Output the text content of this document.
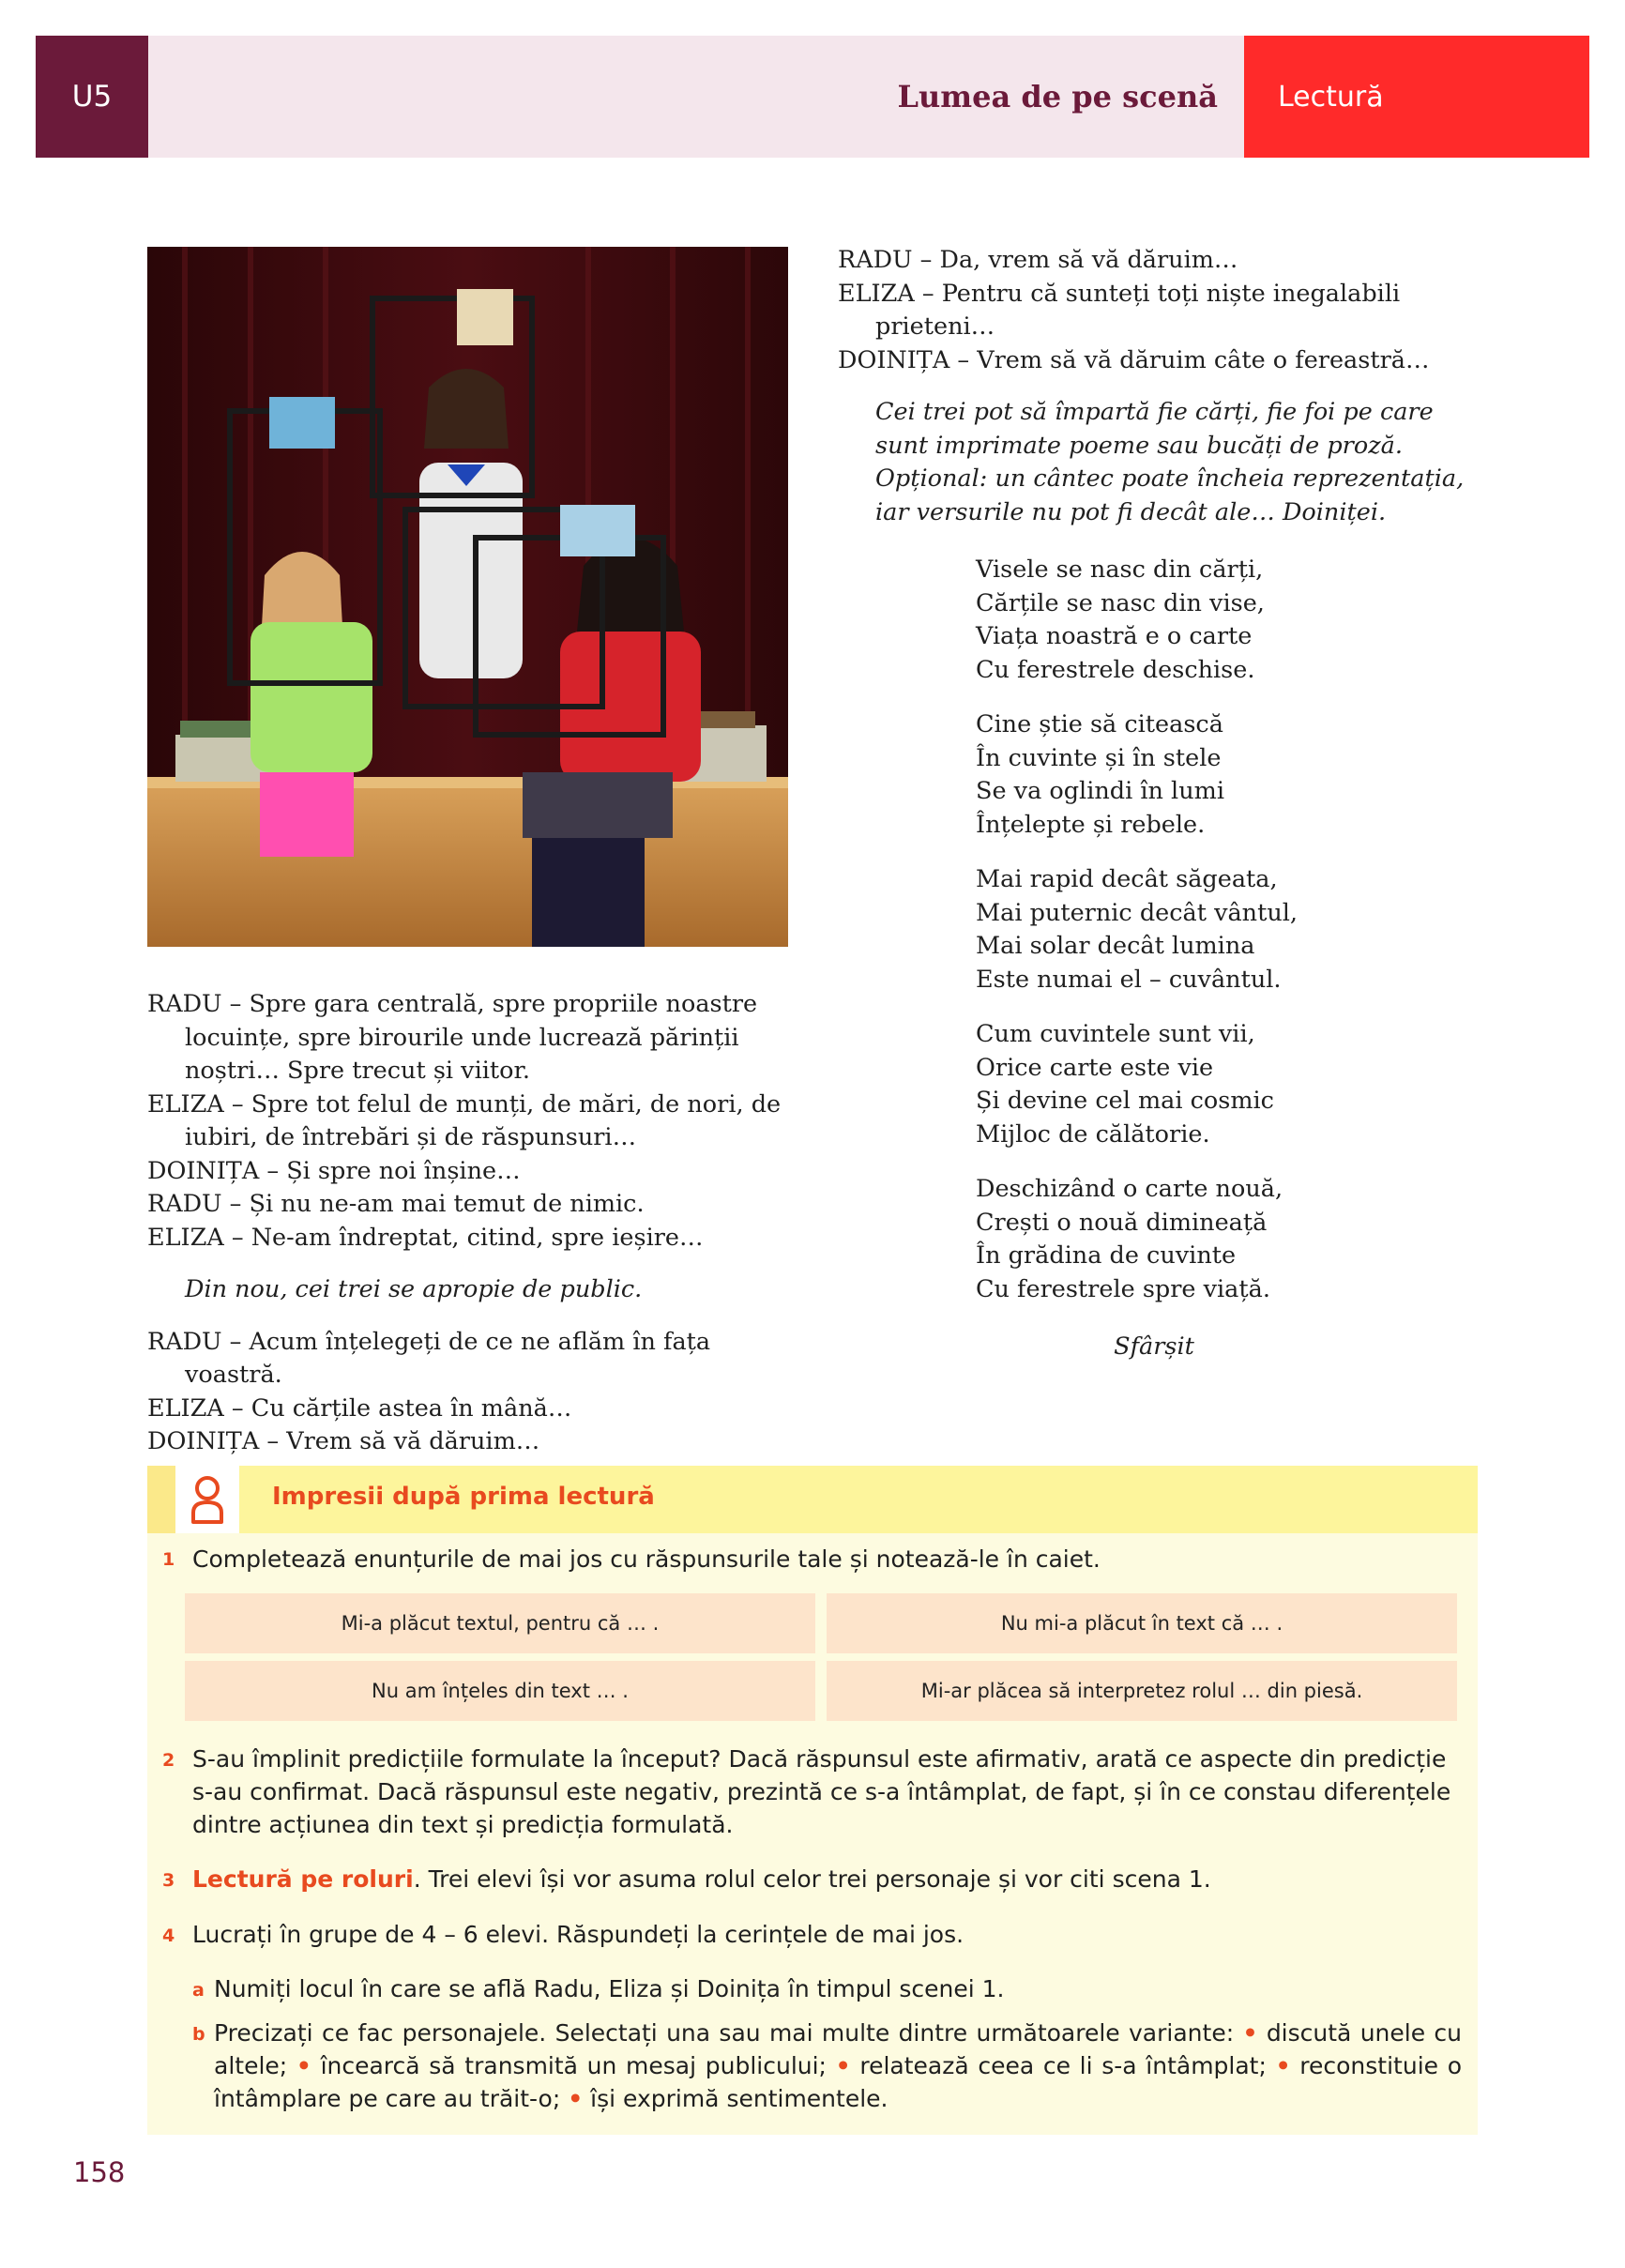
U5	Lumea de pe scenă	Lectură

RADU – Spre gara centrală, spre propriile noastre locuințe, spre birourile unde lucrează părinții noștri… Spre trecut și viitor.

ELIZA – Spre tot felul de munți, de mări, de nori, de iubiri, de întrebări și de răspunsuri…

DOINIȚA – Și spre noi înșine…

RADU – Și nu ne-am mai temut de nimic.

ELIZA – Ne-am îndreptat, citind, spre ieșire…

Din nou, cei trei se apropie de public.

RADU – Acum înțelegeți de ce ne aflăm în fața voastră.

ELIZA – Cu cărțile astea în mână…

DOINIȚA – Vrem să vă dăruim…

RADU – Da, vrem să vă dăruim…

ELIZA – Pentru că sunteți toți niște inegalabili prieteni…

DOINIȚA – Vrem să vă dăruim câte o fereastră…

Cei trei pot să împartă fie cărți, fie foi pe care sunt imprimate poeme sau bucăți de proză.

Opțional: un cântec poate încheia reprezentația, iar versurile nu pot fi decât ale… Doiniței.

Visele se nasc din cărți,
Cărțile se nasc din vise,
Viața noastră e o carte
Cu ferestrele deschise.
Cine știe să citească
În cuvinte și în stele
Se va oglindi în lumi
Înțelepte și rebele.
Mai rapid decât săgeata,
Mai puternic decât vântul,
Mai solar decât lumina
Este numai el – cuvântul.
Cum cuvintele sunt vii,
Orice carte este vie
Și devine cel mai cosmic
Mijloc de călătorie.
Deschizând o carte nouă,
Crești o nouă dimineață
În grădina de cuvinte
Cu ferestrele spre viață.
Sfârșit
Impresii după prima lectură
1 Completează enunțurile de mai jos cu răspunsurile tale și notează-le în caiet.
Mi-a plăcut textul, pentru că … .	Nu mi-a plăcut în text că … .
Nu am înțeles din text … .	Mi-ar plăcea să interpretez rolul … din piesă.
2 S-au împlinit predicțiile formulate la început? Dacă răspunsul este afirmativ, arată ce aspecte din predicție s-au confirmat. Dacă răspunsul este negativ, prezintă ce s-a întâmplat, de fapt, și în ce constau diferențele dintre acțiunea din text și predicția formulată.
3 Lectură pe roluri. Trei elevi își vor asuma rolul celor trei personaje și vor citi scena 1.
4 Lucrați în grupe de 4 – 6 elevi. Răspundeți la cerințele de mai jos.
a Numiți locul în care se află Radu, Eliza și Doinița în timpul scenei 1.
b Precizați ce fac personajele. Selectați una sau mai multe dintre următoarele variante: • discută unele cu altele; • încearcă să transmită un mesaj publicului; • relatează ceea ce li s-a întâmplat; • reconstituie o întâmplare pe care au trăit-o; • își exprimă sentimentele.
158
